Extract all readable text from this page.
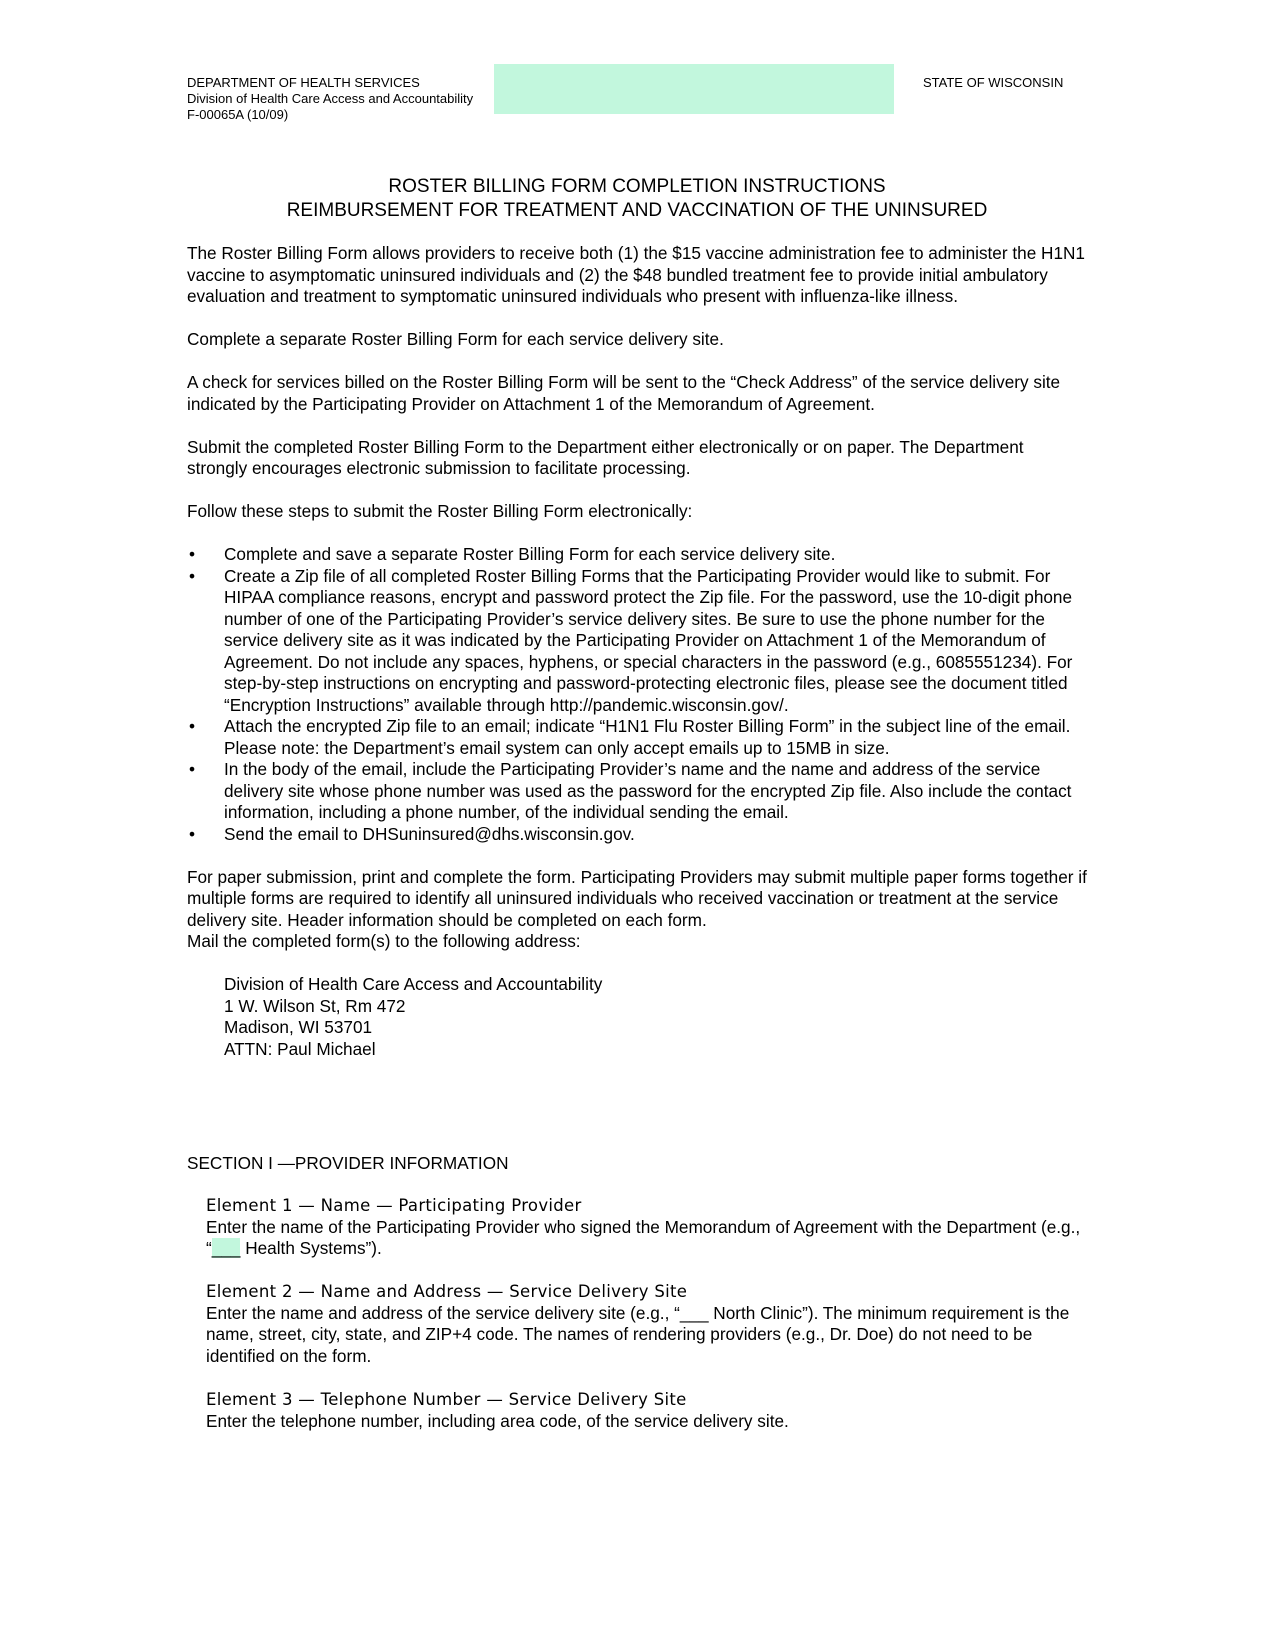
DEPARTMENT OF HEALTH SERVICES
Division of Health Care Access and Accountability
F-00065A (10/09)
STATE OF WISCONSIN
ROSTER BILLING FORM COMPLETION INSTRUCTIONS
REIMBURSEMENT FOR TREATMENT AND VACCINATION OF THE UNINSURED

The Roster Billing Form allows providers to receive both (1) the $15 vaccine administration fee to administer the H1N1 vaccine to asymptomatic uninsured individuals and (2) the $48 bundled treatment fee to provide initial ambulatory evaluation and treatment to symptomatic uninsured individuals who present with influenza-like illness.

Complete a separate Roster Billing Form for each service delivery site.

A check for services billed on the Roster Billing Form will be sent to the “Check Address” of the service delivery site indicated by the Participating Provider on Attachment 1 of the Memorandum of Agreement.

Submit the completed Roster Billing Form to the Department either electronically or on paper. The Department strongly encourages electronic submission to facilitate processing.

Follow these steps to submit the Roster Billing Form electronically:

• Complete and save a separate Roster Billing Form for each service delivery site.
• Create a Zip file of all completed Roster Billing Forms that the Participating Provider would like to submit. For HIPAA compliance reasons, encrypt and password protect the Zip file. For the password, use the 10-digit phone number of one of the Participating Provider’s service delivery sites. Be sure to use the phone number for the service delivery site as it was indicated by the Participating Provider on Attachment 1 of the Memorandum of Agreement. Do not include any spaces, hyphens, or special characters in the password (e.g., 6085551234). For step-by-step instructions on encrypting and password-protecting electronic files, please see the document titled “Encryption Instructions” available through http://pandemic.wisconsin.gov/.
• Attach the encrypted Zip file to an email; indicate “H1N1 Flu Roster Billing Form” in the subject line of the email. Please note: the Department’s email system can only accept emails up to 15MB in size.
• In the body of the email, include the Participating Provider’s name and the name and address of the service delivery site whose phone number was used as the password for the encrypted Zip file. Also include the contact information, including a phone number, of the individual sending the email.
• Send the email to DHSuninsured@dhs.wisconsin.gov.

For paper submission, print and complete the form. Participating Providers may submit multiple paper forms together if multiple forms are required to identify all uninsured individuals who received vaccination or treatment at the service delivery site. Header information should be completed on each form.

Mail the completed form(s) to the following address:

Division of Health Care Access and Accountability
1 W. Wilson St, Rm 472
Madison, WI 53701
ATTN: Paul Michael
SECTION I —PROVIDER INFORMATION
Element 1 — Name — Participating Provider
Enter the name of the Participating Provider who signed the Memorandum of Agreement with the Department (e.g., “___ Health Systems”).
Element 2 — Name and Address — Service Delivery Site
Enter the name and address of the service delivery site (e.g., “___ North Clinic”). The minimum requirement is the name, street, city, state, and ZIP+4 code. The names of rendering providers (e.g., Dr. Doe) do not need to be identified on the form.
Element 3 — Telephone Number — Service Delivery Site
Enter the telephone number, including area code, of the service delivery site.
